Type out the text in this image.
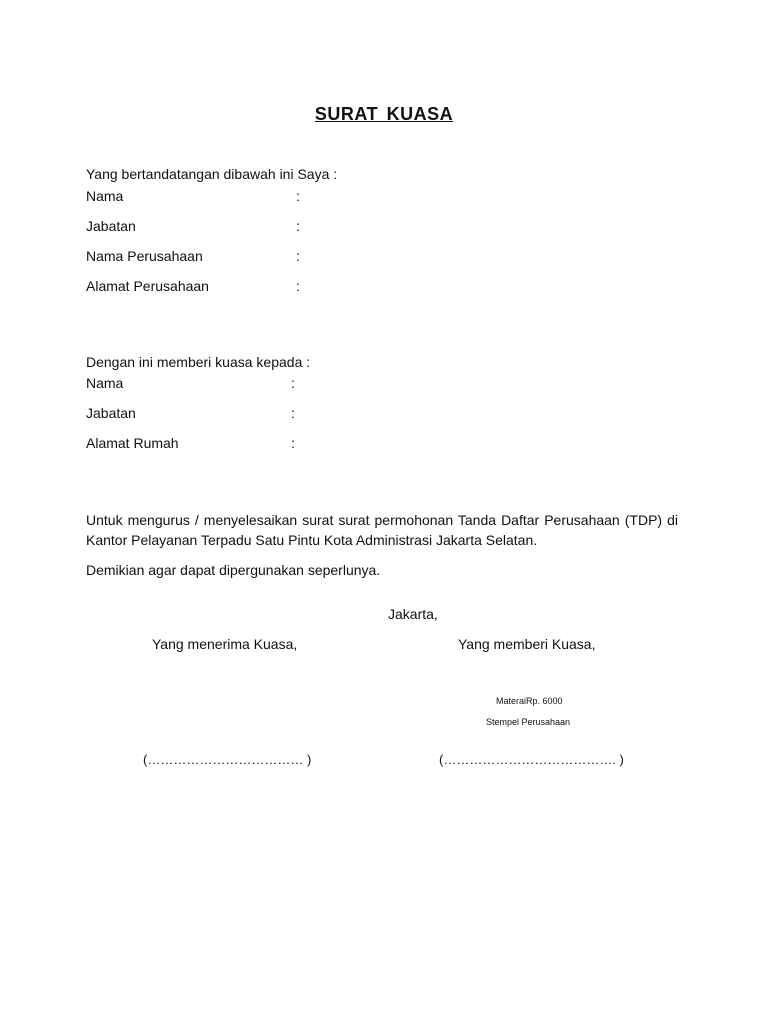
SURAT KUASA
Yang bertandatangan dibawah ini Saya :
Nama	:
Jabatan	:
Nama Perusahaan	:
Alamat Perusahaan	:
Dengan ini memberi kuasa kepada :
Nama	:
Jabatan	:
Alamat Rumah	:
Untuk mengurus / menyelesaikan surat surat permohonan Tanda Daftar Perusahaan (TDP) di Kantor Pelayanan Terpadu Satu Pintu Kota Administrasi Jakarta Selatan.
Demikian agar dapat dipergunakan seperlunya.
Jakarta,
Yang menerima Kuasa,	Yang memberi Kuasa,
MateraiRp. 6000
Stempel Perusahaan
(……………………………… )	(…………………………………. )
